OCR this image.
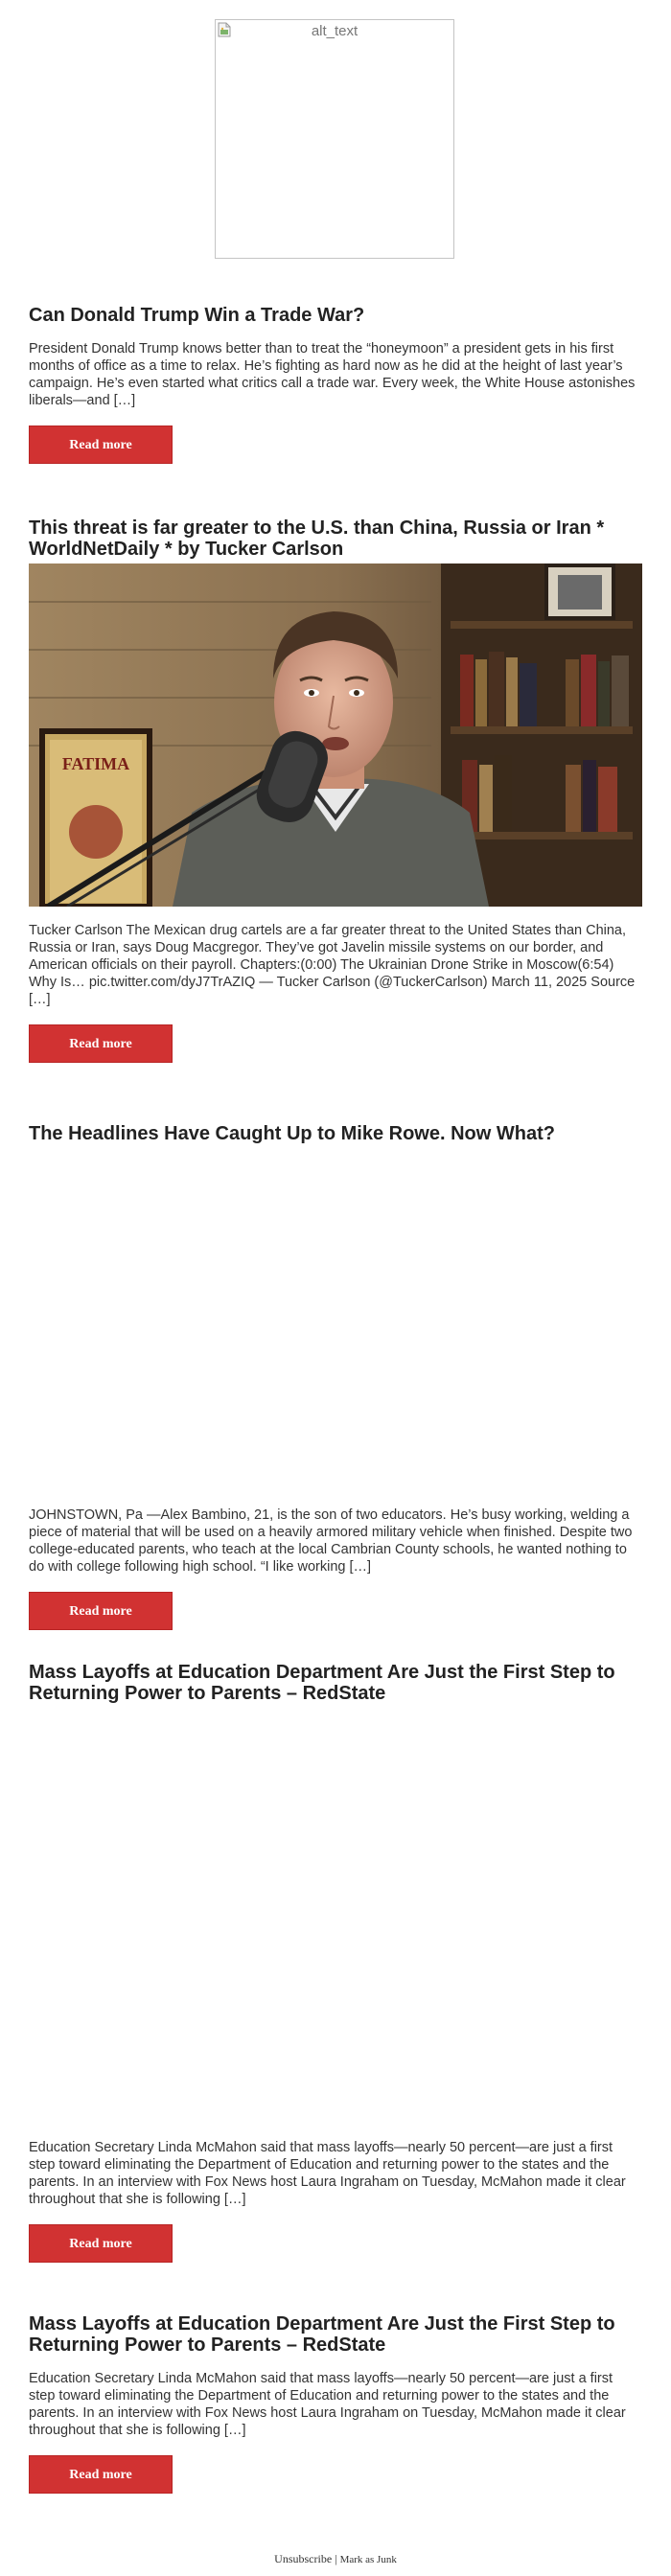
alt_text
Can Donald Trump Win a Trade War?

President Donald Trump knows better than to treat the “honeymoon” a president gets in his first months of office as a time to relax. He’s fighting as hard now as he did at the height of last year’s campaign. He’s even started what critics call a trade war. Every week, the White House astonishes liberals—and […]

Read more
This threat is far greater to the U.S. than China, Russia or Iran * WorldNetDaily * by Tucker Carlson
FATIMA

Tucker Carlson The Mexican drug cartels are a far greater threat to the United States than China, Russia or Iran, says Doug Macgregor. They’ve got Javelin missile systems on our border, and American officials on their payroll. Chapters:(0:00) The Ukrainian Drone Strike in Moscow(6:54) Why Is… pic.twitter.com/dyJ7TrAZIQ — Tucker Carlson (@TuckerCarlson) March 11, 2025 Source […]

Read more
The Headlines Have Caught Up to Mike Rowe. Now What?

JOHNSTOWN, Pa —Alex Bambino, 21, is the son of two educators. He’s busy working, welding a piece of material that will be used on a heavily armored military vehicle when finished. Despite two college-educated parents, who teach at the local Cambrian County schools, he wanted nothing to do with college following high school. “I like working […]

Read more
Mass Layoffs at Education Department Are Just the First Step to Returning Power to Parents – RedState

Education Secretary Linda McMahon said that mass layoffs—nearly 50 percent—are just a first step toward eliminating the Department of Education and returning power to the states and the parents. In an interview with Fox News host Laura Ingraham on Tuesday, McMahon made it clear throughout that she is following […]

Read more
Mass Layoffs at Education Department Are Just the First Step to Returning Power to Parents – RedState

Education Secretary Linda McMahon said that mass layoffs—nearly 50 percent—are just a first step toward eliminating the Department of Education and returning power to the states and the parents. In an interview with Fox News host Laura Ingraham on Tuesday, McMahon made it clear throughout that she is following […]

Read more
Unsubscribe | Mark as Junk
